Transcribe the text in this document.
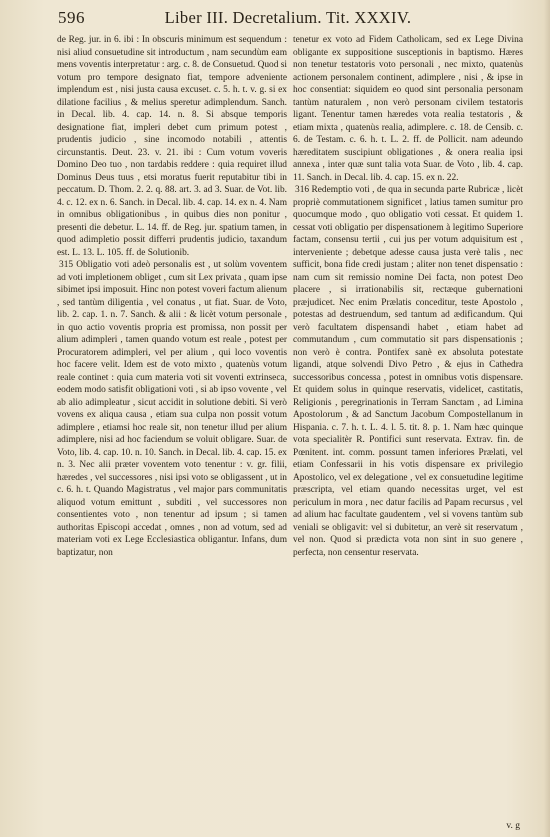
596	Liber III. Decretalium. Tit. XXXIV.

de Reg. jur. in 6. ibi : In obscuris minimum est sequendum : nisi aliud consuetudine sit introductum , nam secundùm eam mens voventis interpretatur : arg. c. 8. de Consuetud. Quod si votum pro tempore designato fiat, tempore adveniente implendum est , nisi justa causa excuset. c. 5. h. t. v. g. si ex dilatione facilius , & melius speretur adimplendum. Sanch. in Decal. lib. 4. cap. 14. n. 8. Si absque temporis designatione fiat, impleri debet cum primum potest , prudentis judicio , sine incomodo notabili , attentis circunstantis. Deut. 23. v. 21. ibi : Cum votum voveris Domino Deo tuo , non tardabis reddere : quia requiret illud Dominus Deus tuus , etsi moratus fuerit reputabitur tibi in peccatum. D. Thom. 2. 2. q. 88. art. 3. ad 3. Suar. de Vot. lib. 4. c. 12. ex n. 6. Sanch. in Decal. lib. 4. cap. 14. ex n. 4. Nam in omnibus obligationibus , in quibus dies non ponitur , presenti die debetur. L. 14. ff. de Reg. jur. spatium tamen, in quod adimpletio possit differri prudentis judicio, taxandum est. L. 13. L. 105. ff. de Solutionib.

315 Obligatio voti adeò personalis est , ut solùm voventem ad voti impletionem obliget , cum sit Lex privata , quam ipse sibimet ipsi imposuit. Hinc non potest voveri factum alienum , sed tantùm diligentia , vel conatus , ut fiat. Suar. de Voto, lib. 2. cap. 1. n. 7. Sanch. & alii : & licèt votum personale , in quo actio voventis propria est promissa, non possit per alium adimpleri , tamen quando votum est reale , potest per Procuratorem adimpleri, vel per alium , qui loco voventis hoc facere velit. Idem est de voto mixto , quatenùs votum reale continet : quia cum materia voti sit voventi extrinseca, eodem modo satisfit obligationi voti , si ab ipso vovente , vel ab alio adimpleatur , sicut accidit in solutione debiti. Si verò vovens ex aliqua causa , etiam sua culpa non possit votum adimplere , etiamsi hoc reale sit, non tenetur illud per alium adimplere, nisi ad hoc faciendum se voluit obligare. Suar. de Voto, lib. 4. cap. 10. n. 10. Sanch. in Decal. lib. 4. cap. 15. ex n. 3. Nec alii præter voventem voto tenentur : v. gr. filii, hæredes , vel successores , nisi ipsi voto se obligassent , ut in c. 6. h. t. Quando Magistratus , vel major pars communitatis aliquod votum emittunt , subditi , vel successores non consentientes voto , non tenentur ad ipsum ; si tamen authoritas Episcopi accedat , omnes , non ad votum, sed ad materiam voti ex Lege Ecclesiastica obligantur. Infans, dum baptizatur, non

tenetur ex voto ad Fidem Catholicam, sed ex Lege Divina obligante ex suppositione susceptionis in baptismo. Hæres non tenetur testatoris voto personali , nec mixto, quatenùs actionem personalem continent, adimplere , nisi , & ipse in hoc consentiat: siquidem eo quod sint personalia personam tantùm naturalem , non verò personam civilem testatoris ligant. Tenentur tamen hæredes vota realia testatoris , & etiam mixta , quatenùs realia, adimplere. c. 18. de Censib. c. 6. de Testam. c. 6. h. t. L. 2. ff. de Pollicit. nam adeundo hæreditatem suscipiunt obligationes , & onera realia ipsi annexa , inter quæ sunt talia vota Suar. de Voto , lib. 4. cap. 11. Sanch. in Decal. lib. 4. cap. 15. ex n. 22.

316 Redemptio voti , de qua in secunda parte Rubricæ , licèt propriè commutationem significet , latius tamen sumitur pro quocumque modo , quo obligatio voti cessat. Et quidem 1. cessat voti obligatio per dispensationem à legitimo Superiore factam, consensu tertii , cui jus per votum adquisitum est , interveniente ; debetque adesse causa justa verè talis , nec sufficit, bona fide credi justam ; aliter non tenet dispensatio : nam cum sit remissio nomine Dei facta, non potest Deo placere , si irrationabilis sit, rectæque gubernationi præjudicet. Nec enim Prælatis conceditur, teste Apostolo , potestas ad destruendum, sed tantum ad ædificandum. Qui verò facultatem dispensandi habet , etiam habet ad commutandum , cum commutatio sit pars dispensationis ; non verò è contra. Pontifex sanè ex absoluta potestate ligandi, atque solvendi Divo Petro , & ejus in Cathedra successoribus concessa , potest in omnibus votis dispensare. Et quidem solus in quinque reservatis, videlicet, castitatis, Religionis , peregrinationis in Terram Sanctam , ad Limina Apostolorum , & ad Sanctum Jacobum Compostellanum in Hispania. c. 7. h. t. L. 4. l. 5. tit. 8. p. 1. Nam hæc quinque vota specialitèr R. Pontifici sunt reservata. Extrav. fin. de Pœnitent. int. comm. possunt tamen inferiores Prælati, vel etiam Confessarii in his votis dispensare ex privilegio Apostolico, vel ex delegatione , vel ex consuetudine legitime præscripta, vel etiam quando necessitas urget, vel est periculum in mora , nec datur facilis ad Papam recursus , vel ad alium hac facultate gaudentem , vel si vovens tantùm sub veniali se obligavit: vel si dubitetur, an verè sit reservatum , vel non. Quod si prædicta vota non sint in suo genere , perfecta, non censentur reservata.

v. g
